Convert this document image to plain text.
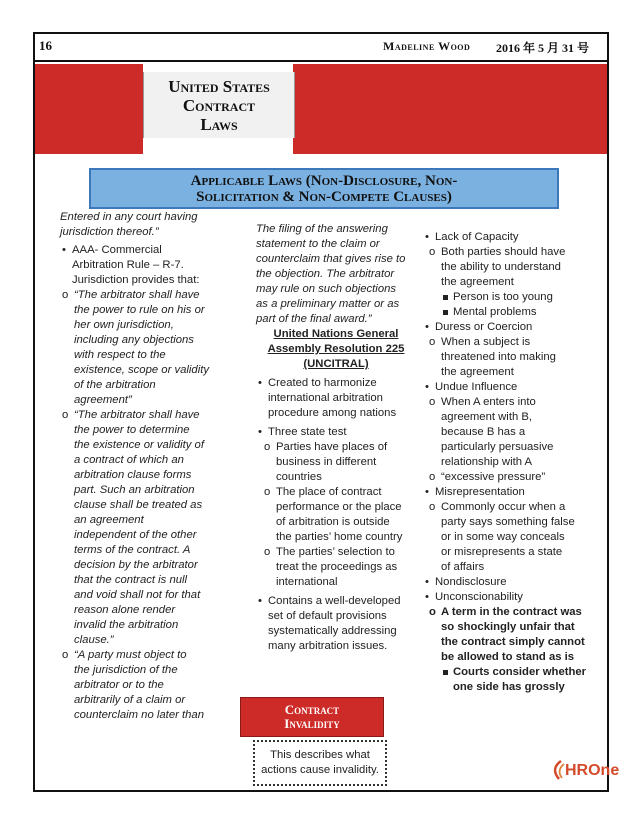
16	Madeline Wood 2016 年 5 月 31 号
United States
Contract
Laws
Applicable Laws (Non-Disclosure, Non-
Solicitation & Non-Compete Clauses)

Entered in any court having
jurisdiction thereof.”

• AAA- Commercial
Arbitration Rule – R-7.
Jurisdiction provides that:

o “The arbitrator shall have
the power to rule on his or
her own jurisdiction,
including any objections
with respect to the
existence, scope or validity
of the arbitration
agreement”

o “The arbitrator shall have
the power to determine
the existence or validity of
a contract of which an
arbitration clause forms
part. Such an arbitration
clause shall be treated as
an agreement
independent of the other
terms of the contract. A
decision by the arbitrator
that the contract is null
and void shall not for that
reason alone render
invalid the arbitration
clause.”

o “A party must object to
the jurisdiction of the
arbitrator or to the
arbitrarily of a claim or
counterclaim no later than

The filing of the answering
statement to the claim or
counterclaim that gives rise to
the objection. The arbitrator
may rule on such objections
as a preliminary matter or as
part of the final award.”

United Nations General
Assembly Resolution 225
(UNCITRAL)

• Created to harmonize
international arbitration
procedure among nations

• Three state test

o Parties have places of
business in different
countries

o The place of contract
performance or the place
of arbitration is outside
the parties’ home country

o The parties’ selection to
treat the proceedings as
international

• Contains a well-developed
set of default provisions
systematically addressing
many arbitration issues.

• Lack of Capacity

o Both parties should have
the ability to understand
the agreement

Person is too young

Mental problems

• Duress or Coercion

o When a subject is
threatened into making
the agreement

• Undue Influence

o When A enters into
agreement with B,
because B has a
particularly persuasive
relationship with A

o “excessive pressure”

• Misrepresentation

o Commonly occur when a
party says something false
or in some way conceals
or misrepresents a state
of affairs

• Nondisclosure

• Unconscionability

o A term in the contract was
so shockingly unfair that
the contract simply cannot
be allowed to stand as is

Courts consider whether
one side has grossly

Contract
Invalidity
This describes what
actions cause invalidity.	HROne
